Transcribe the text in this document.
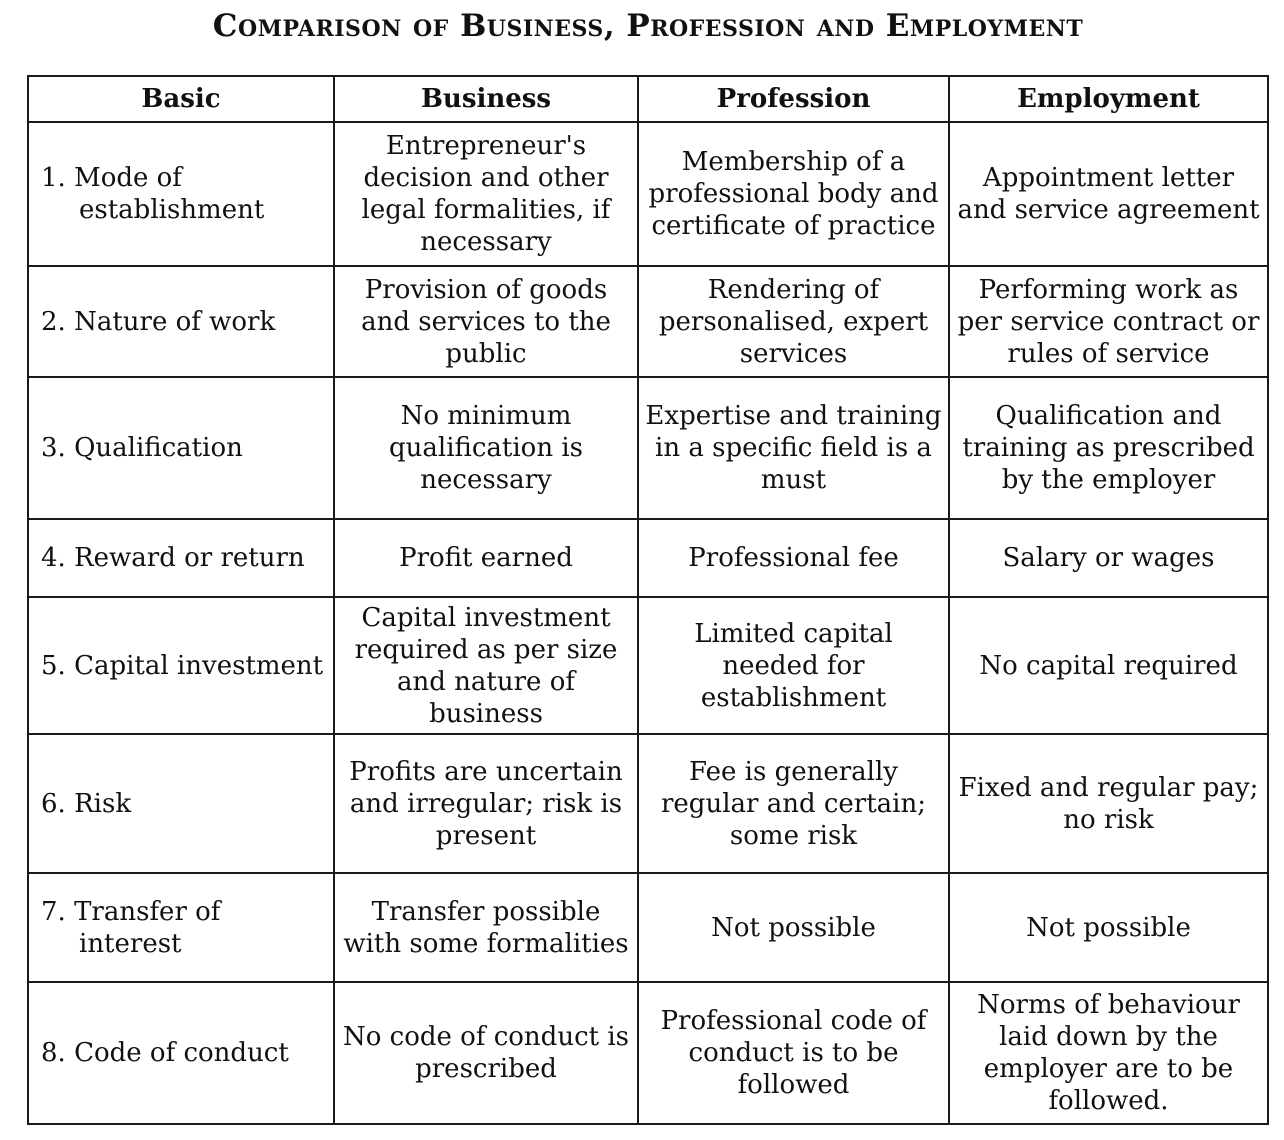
Comparison of Business, Profession and Employment
Basic	Business	Profession	Employment

1. Mode of establishment	Entrepreneur's decision and other legal formalities, if necessary	Membership of a professional body and certificate of practice	Appointment letter and service agreement

2. Nature of work	Provision of goods and services to the public	Rendering of personalised, expert services	Performing work as per service contract or rules of service

3. Qualification	No minimum qualification is necessary	Expertise and training in a specific field is a must	Qualification and training as prescribed by the employer

4. Reward or return	Profit earned	Professional fee	Salary or wages

5. Capital investment	Capital investment required as per size and nature of business	Limited capital needed for establishment	No capital required

6. Risk	Profits are uncertain and irregular; risk is present	Fee is generally regular and certain; some risk	Fixed and regular pay; no risk

7. Transfer of interest	Transfer possible with some formalities	Not possible	Not possible

8. Code of conduct	No code of conduct is prescribed	Professional code of conduct is to be followed	Norms of behaviour laid down by the employer are to be followed.
